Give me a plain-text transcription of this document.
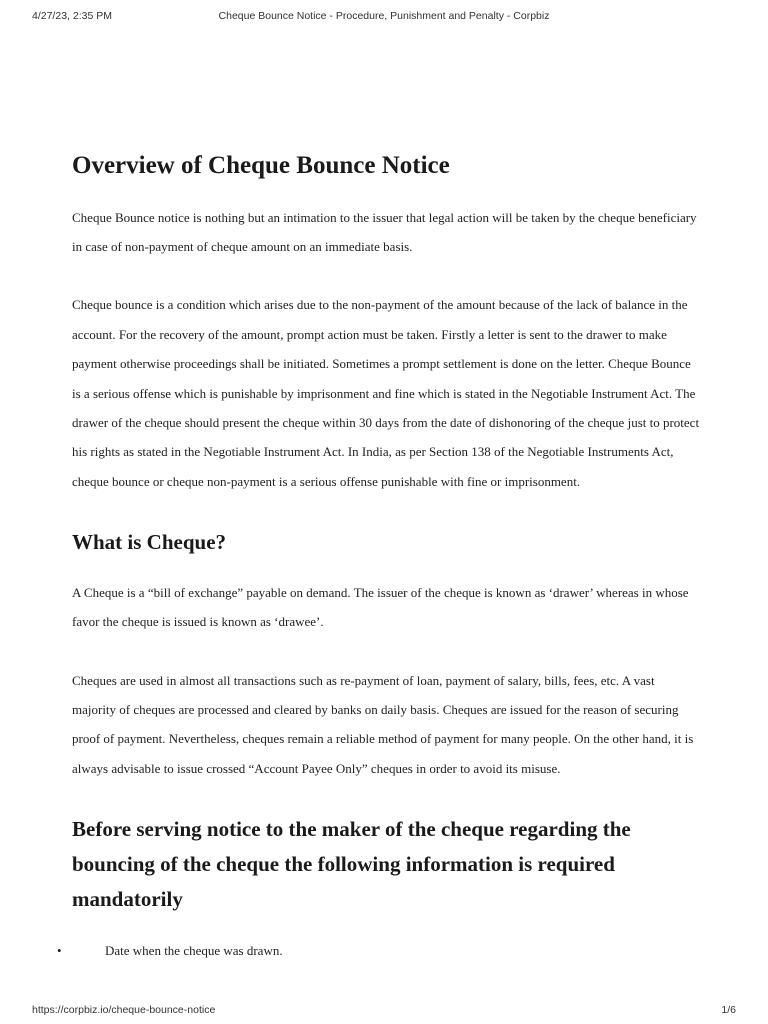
4/27/23, 2:35 PM	Cheque Bounce Notice - Procedure, Punishment and Penalty - Corpbiz
Overview of Cheque Bounce Notice

Cheque Bounce notice is nothing but an intimation to the issuer that legal action will be taken by the cheque beneficiary in case of non-payment of cheque amount on an immediate basis.

Cheque bounce is a condition which arises due to the non-payment of the amount because of the lack of balance in the account. For the recovery of the amount, prompt action must be taken. Firstly a letter is sent to the drawer to make payment otherwise proceedings shall be initiated. Sometimes a prompt settlement is done on the letter. Cheque Bounce is a serious offense which is punishable by imprisonment and fine which is stated in the Negotiable Instrument Act. The drawer of the cheque should present the cheque within 30 days from the date of dishonoring of the cheque just to protect his rights as stated in the Negotiable Instrument Act. In India, as per Section 138 of the Negotiable Instruments Act, cheque bounce or cheque non-payment is a serious offense punishable with fine or imprisonment.

What is Cheque?

A Cheque is a “bill of exchange” payable on demand. The issuer of the cheque is known as ‘drawer’ whereas in whose favor the cheque is issued is known as ‘drawee’.

Cheques are used in almost all transactions such as re-payment of loan, payment of salary, bills, fees, etc. A vast majority of cheques are processed and cleared by banks on daily basis. Cheques are issued for the reason of securing proof of payment. Nevertheless, cheques remain a reliable method of payment for many people. On the other hand, it is always advisable to issue crossed “Account Payee Only” cheques in order to avoid its misuse.

Before serving notice to the maker of the cheque regarding the bouncing of the cheque the following information is required mandatorily
•	Date when the cheque was drawn.
https://corpbiz.io/cheque-bounce-notice	1/6
